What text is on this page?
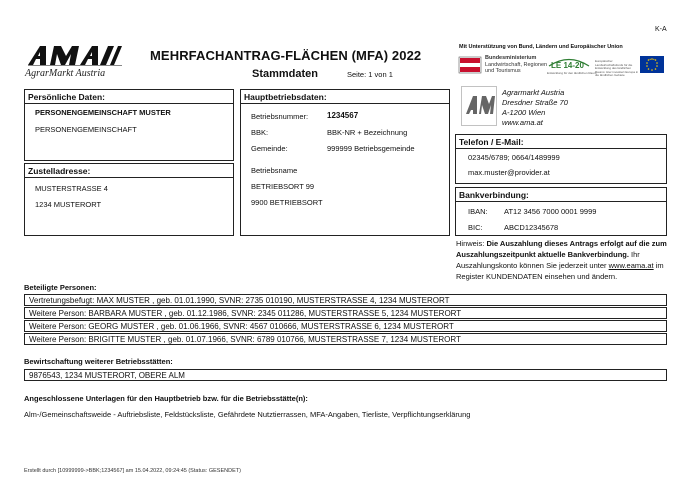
K-A
AgrarMarkt Austria
MEHRFACHANTRAG-FLÄCHEN (MFA) 2022
Stammdaten	Seite: 1 von 1
Mit Unterstützung von Bund, Ländern und Europäischer Union
Bundesministerium
Landwirtschaft, Regionen
und Tourismus
LE 14-20
Entwicklung für den ländlichen Raum
Europäischer Landwirtschaftsfonds für die Entwicklung des ländlichen Raums: Hier investiert Europa in die ländlichen Gebiete
Persönliche Daten:
PERSONENGEMEINSCHAFT MUSTER
PERSONENGEMEINSCHAFT
Zustelladresse:
MUSTERSTRASSE 4
1234 MUSTERORT
Hauptbetriebsdaten:
Betriebsnummer: 1234567
BBK:	BBK-NR + Bezeichnung
Gemeinde:	999999 Betriebsgemeinde
Betriebsname
BETRIEBSORT 99
9900 BETRIEBSORT
Agrarmarkt Austria
Dresdner Straße 70
A-1200 Wien
www.ama.at
Telefon / E-Mail:
02345/6789; 0664/1489999
max.muster@provider.at
Bankverbindung:
IBAN: AT12 3456 7000 0001 9999
BIC:	ABCD12345678
Hinweis: Die Auszahlung dieses Antrags erfolgt auf die zum Auszahlungszeitpunkt aktuelle Bankverbindung. Ihr Auszahlungskonto können Sie jederzeit unter www.eama.at im Register KUNDENDATEN einsehen und ändern.
Beteiligte Personen:
Vertretungsbefugt: MAX MUSTER , geb. 01.01.1990, SVNR: 2735 010190, MUSTERSTRASSE 4, 1234 MUSTERORT
Weitere Person: BARBARA MUSTER , geb. 01.12.1986, SVNR: 2345 011286, MUSTERSTRASSE 5, 1234 MUSTERORT
Weitere Person: GEORG MUSTER , geb. 01.06.1966, SVNR: 4567 010666, MUSTERSTRASSE 6, 1234 MUSTERORT
Weitere Person: BRIGITTE MUSTER , geb. 01.07.1966, SVNR: 6789 010766, MUSTERSTRASSE 7, 1234 MUSTERORT
Bewirtschaftung weiterer Betriebsstätten:
9876543, 1234 MUSTERORT, OBERE ALM
Angeschlossene Unterlagen für den Hauptbetrieb bzw. für die Betriebsstätte(n):
Alm-/Gemeinschaftsweide - Auftriebsliste, Feldstücksliste, Gefährdete Nutztierrassen, MFA-Angaben, Tierliste, Verpflichtungserklärung
Erstellt durch [10999999->BBK;1234567] am 15.04.2022, 09:24:45 (Status: GESENDET)
